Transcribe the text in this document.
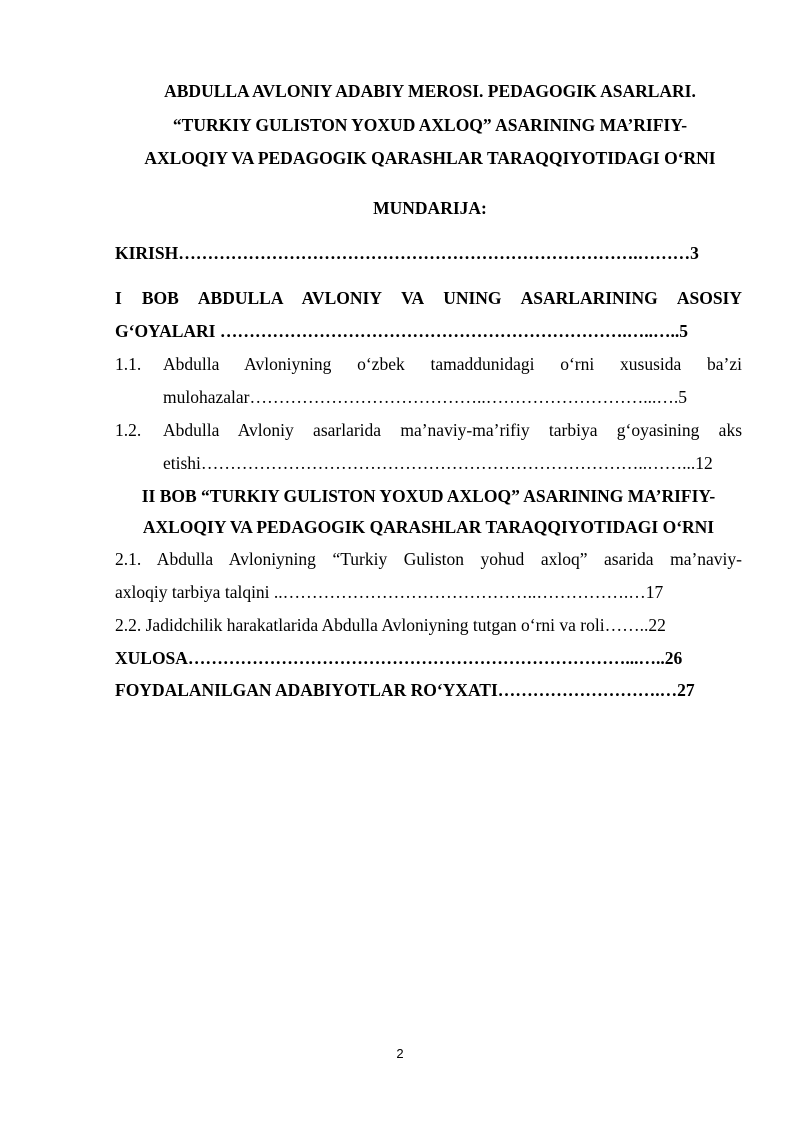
ABDULLA AVLONIY ADABIY MEROSI. PEDAGOGIK ASARLARI.
“TURKIY GULISTON YOXUD AXLOQ” ASARINING MA’RIFIY-
AXLOQIY VA PEDAGOGIK QARASHLAR TARAQQIYOTIDAGI O‘RNI
MUNDARIJA:
KIRISH…………………………………………………………………….………3
I BOB ABDULLA AVLONIY VA UNING ASARLARINING ASOSIY
G‘OYALARI …………………………………………………………….…..…..5
1.1. Abdulla Avloniyning o‘zbek tamaddunidagi o‘rni xususida ba’zi
mulohazalar…………………………………..………………………...….5
1.2. Abdulla Avloniy asarlarida ma’naviy-ma’rifiy tarbiya g‘oyasining aks
etishi…………………………………………………………………..……...12
II BOB “TURKIY GULISTON YOXUD AXLOQ” ASARINING MA’RIFIY-
AXLOQIY VA PEDAGOGIK QARASHLAR TARAQQIYOTIDAGI O‘RNI
2.1. Abdulla Avloniyning “Turkiy Guliston yohud axloq” asarida ma’naviy-
axloqiy tarbiya talqini ..……………………………………..…………….…17
2.2. Jadidchilik harakatlarida Abdulla Avloniyning tutgan o‘rni va roli……..22
XULOSA…………………………………………………………………...…..26
FOYDALANILGAN ADABIYOTLAR RO‘YXATI……………………….…27
2
